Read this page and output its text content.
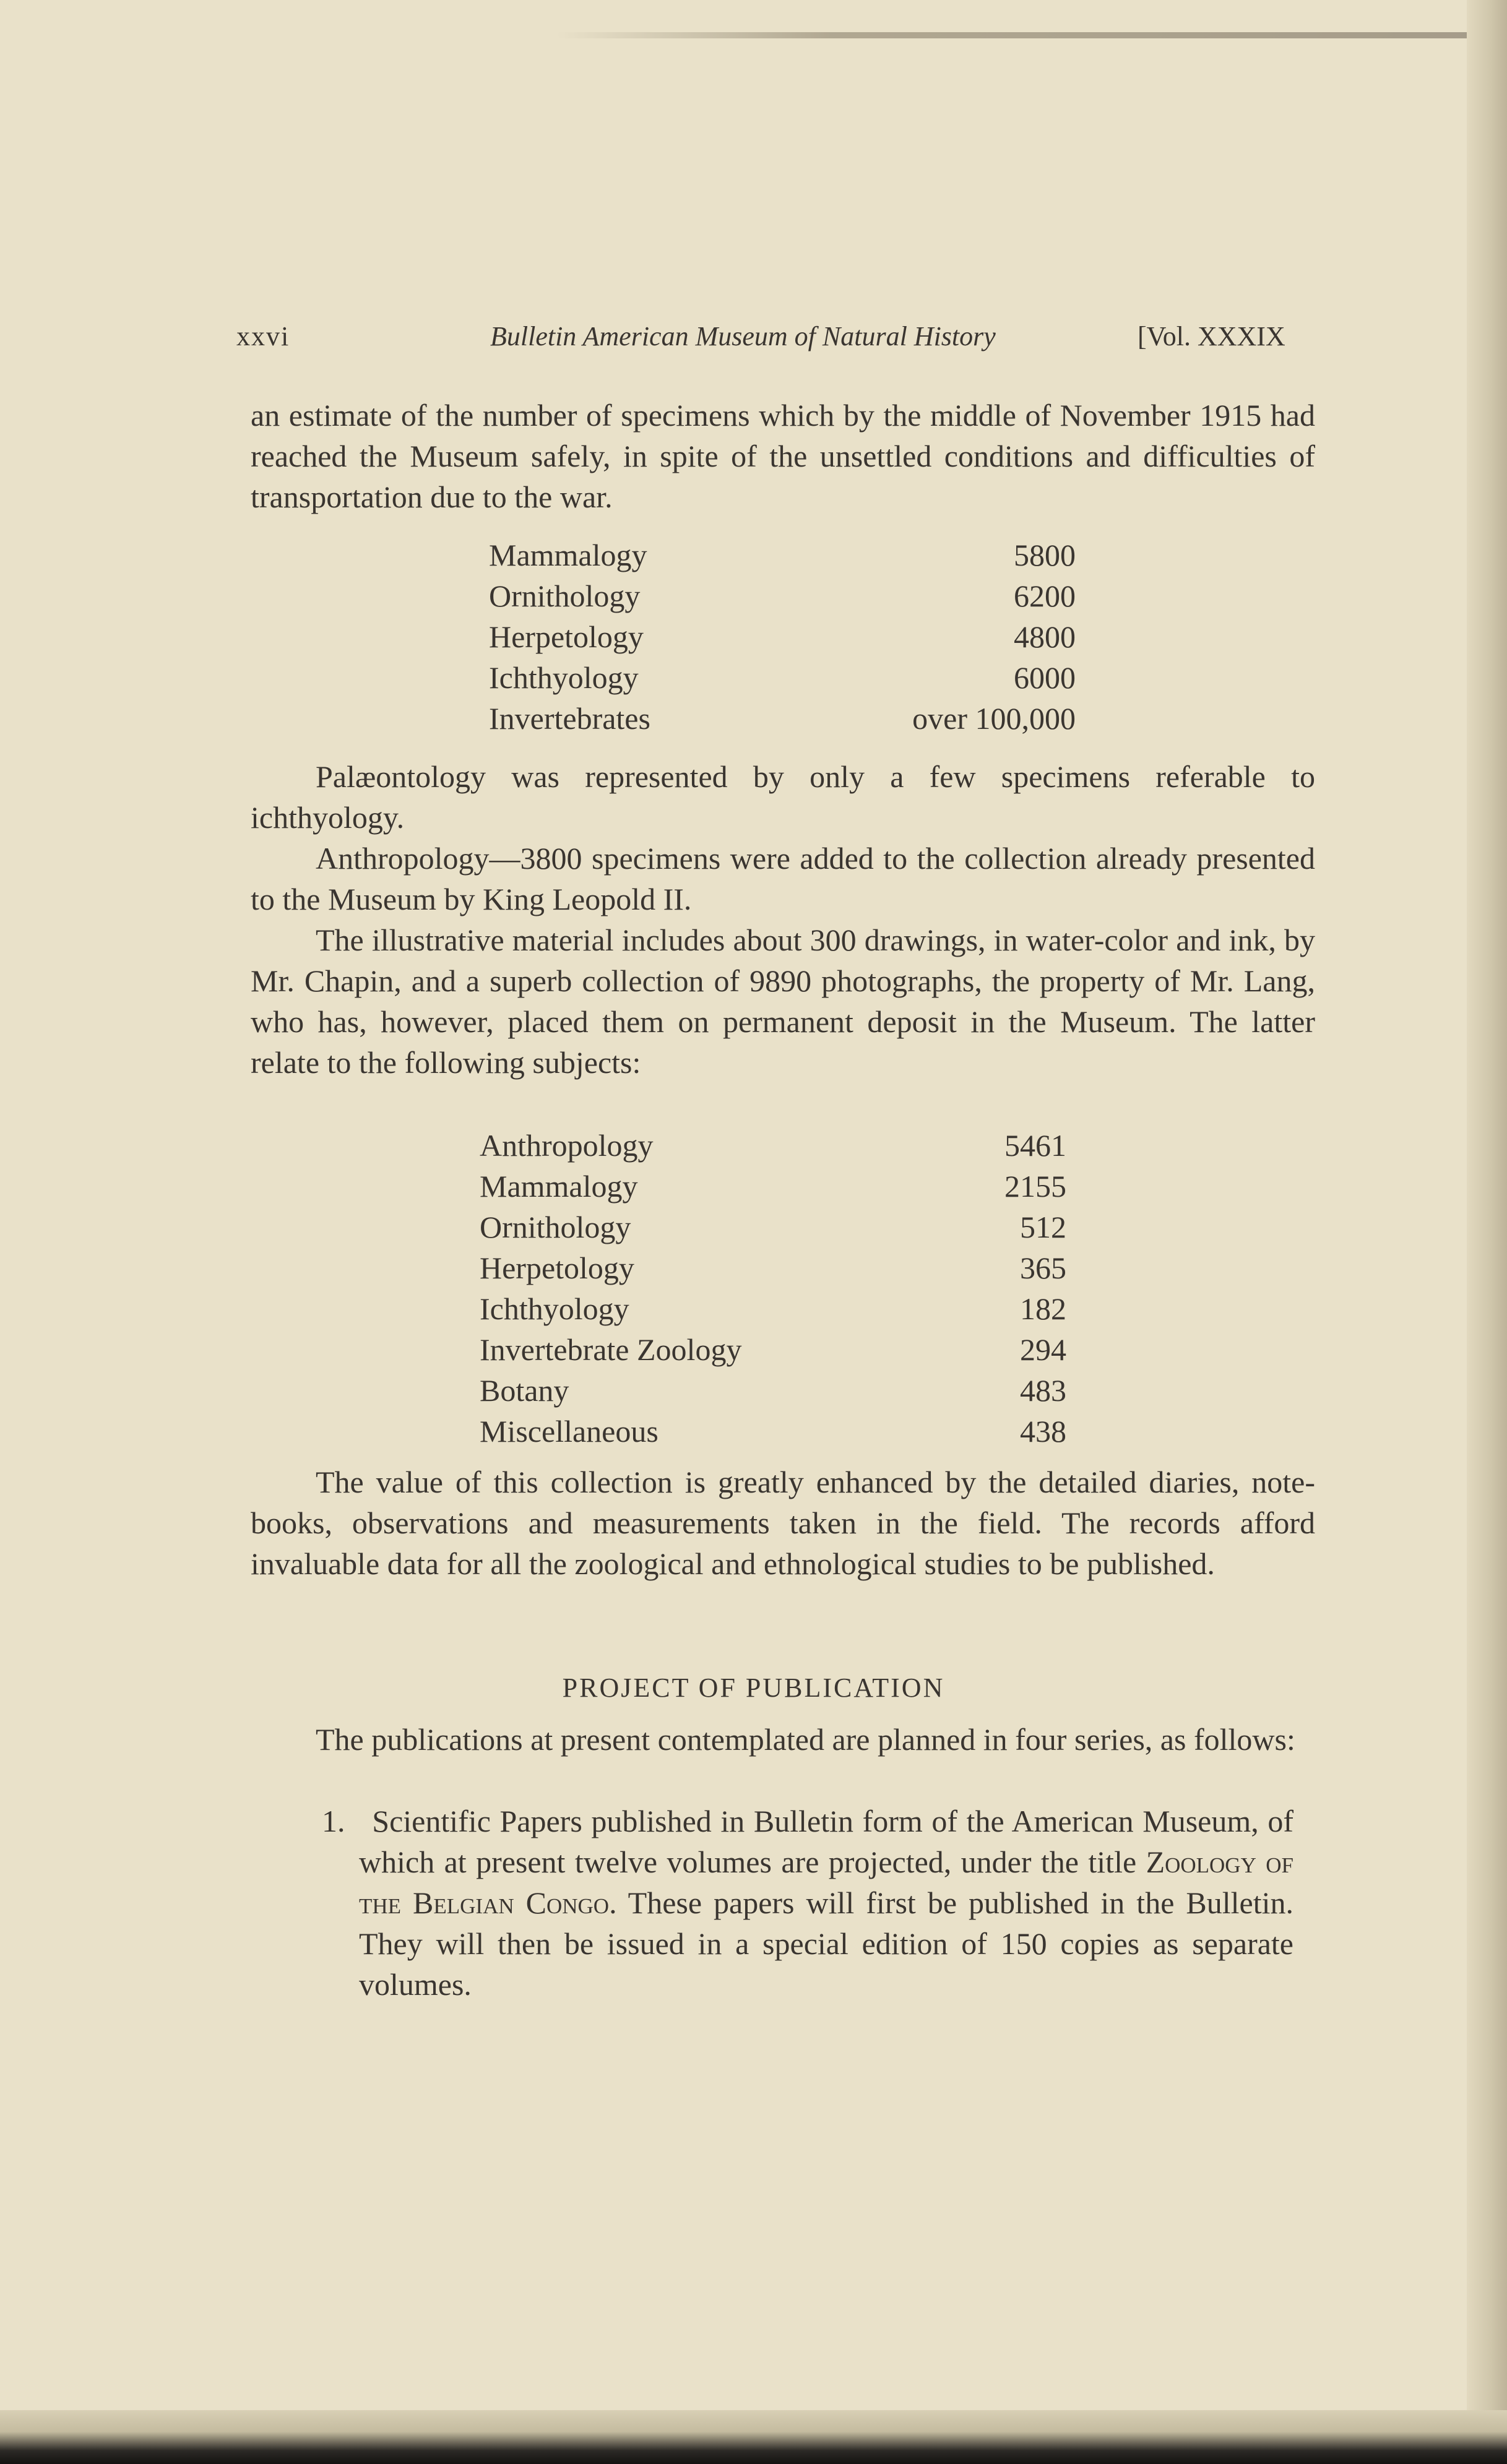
xxvi	Bulletin American Museum of Natural History	[Vol. XXXIX

an estimate of the number of specimens which by the middle of November 1915 had reached the Museum safely, in spite of the unsettled conditions and difficulties of transportation due to the war.

Mammalogy	5800
Ornithology	6200
Herpetology	4800
Ichthyology	6000
Invertebrates	over 100,000

Palæontology was represented by only a few specimens referable to ichthyology.

Anthropology—3800 specimens were added to the collection already presented to the Museum by King Leopold II.

The illustrative material includes about 300 drawings, in water-color and ink, by Mr. Chapin, and a superb collection of 9890 photographs, the property of Mr. Lang, who has, however, placed them on permanent deposit in the Museum. The latter relate to the following subjects:

Anthropology	5461
Mammalogy	2155
Ornithology	512
Herpetology	365
Ichthyology	182
Invertebrate Zoology	294
Botany	483
Miscellaneous	438

The value of this collection is greatly enhanced by the detailed diaries, note-books, observations and measurements taken in the field. The records afford invaluable data for all the zoological and ethnological studies to be published.

PROJECT OF PUBLICATION

The publications at present contemplated are planned in four series, as follows:

1. Scientific Papers published in Bulletin form of the American Museum, of which at present twelve volumes are projected, under the title Zoology of the Belgian Congo. These papers will first be published in the Bulletin. They will then be issued in a special edition of 150 copies as separate volumes.
